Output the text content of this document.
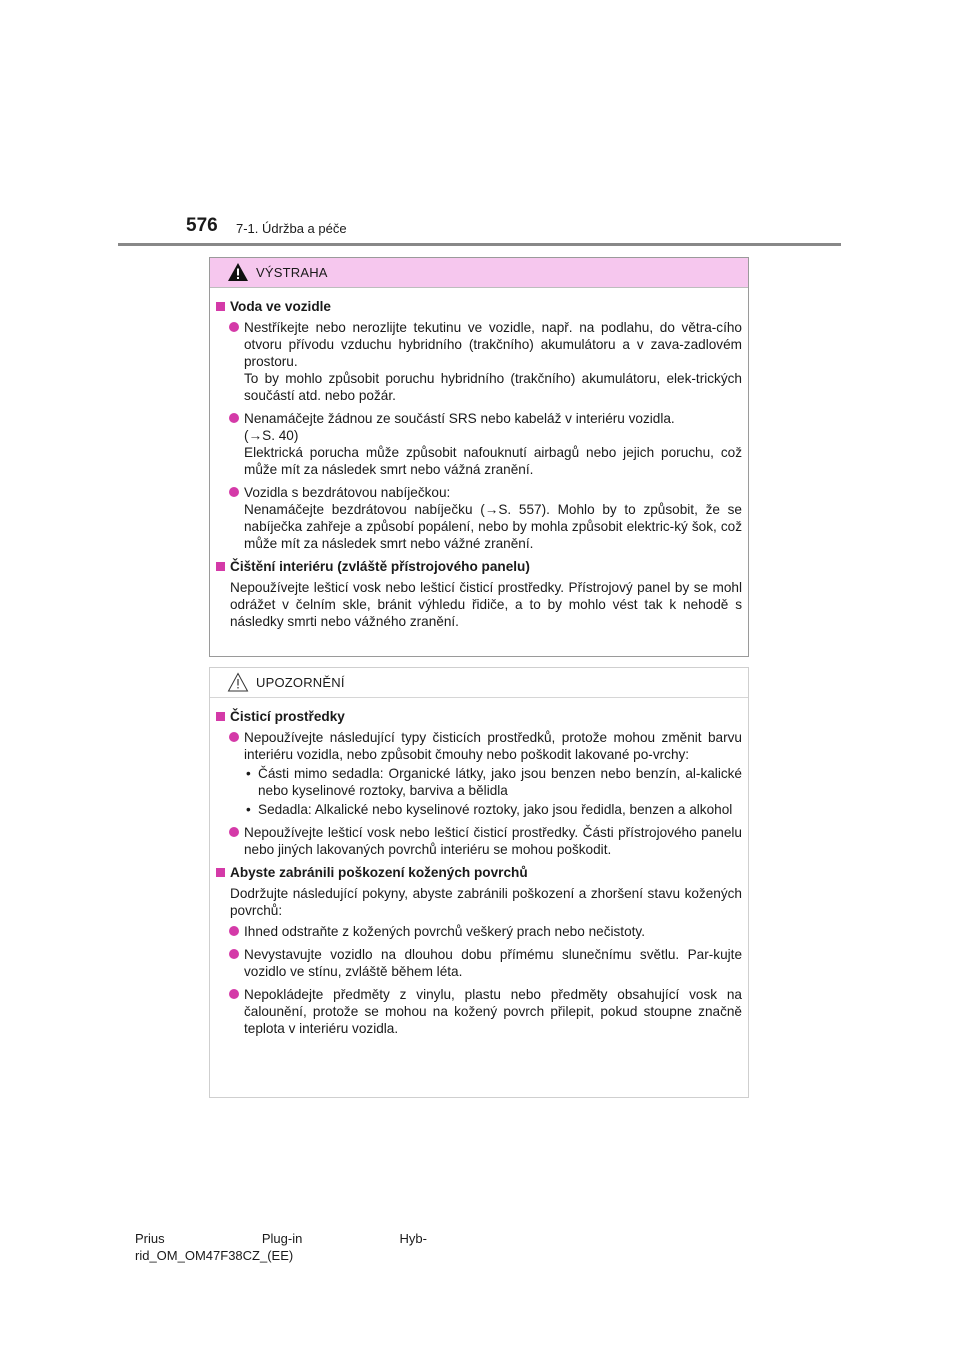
576 7-1. Údržba a péče
VÝSTRAHA

Voda ve vozidle

Nestříkejte nebo nerozlijte tekutinu ve vozidle, např. na podlahu, do větra-cího otvoru přívodu vzduchu hybridního (trakčního) akumulátoru a v zava-zadlovém prostoru.
To by mohlo způsobit poruchu hybridního (trakčního) akumulátoru, elek-trických součástí atd. nebo požár.
Nenamáčejte žádnou ze součástí SRS nebo kabeláž v interiéru vozidla.
(→S. 40)
Elektrická porucha může způsobit nafouknutí airbagů nebo jejich poruchu, což může mít za následek smrt nebo vážná zranění.
Vozidla s bezdrátovou nabíječkou:
Nenamáčejte bezdrátovou nabíječku (→S. 557). Mohlo by to způsobit, že se nabíječka zahřeje a způsobí popálení, nebo by mohla způsobit elektric-ký šok, což může mít za následek smrt nebo vážné zranění.

Čištění interiéru (zvláště přístrojového panelu)

Nepoužívejte lešticí vosk nebo lešticí čisticí prostředky. Přístrojový panel by se mohl odrážet v čelním skle, bránit výhledu řidiče, a to by mohlo vést tak k nehodě s následky smrti nebo vážného zranění.

UPOZORNĚNÍ

Čisticí prostředky

Nepoužívejte následující typy čisticích prostředků, protože mohou změnit barvu interiéru vozidla, nebo způsobit čmouhy nebo poškodit lakované po-vrchy:
• Části mimo sedadla: Organické látky, jako jsou benzen nebo benzín, al-kalické nebo kyselinové roztoky, barviva a bělidla
• Sedadla: Alkalické nebo kyselinové roztoky, jako jsou ředidla, benzen a alkohol
Nepoužívejte lešticí vosk nebo lešticí čisticí prostředky. Části přístrojového panelu nebo jiných lakovaných povrchů interiéru se mohou poškodit.

Abyste zabránili poškození kožených povrchů

Dodržujte následující pokyny, abyste zabránili poškození a zhoršení stavu kožených povrchů:

Ihned odstraňte z kožených povrchů veškerý prach nebo nečistoty.
Nevystavujte vozidlo na dlouhou dobu přímému slunečnímu světlu. Par-kujte vozidlo ve stínu, zvláště během léta.
Nepokládejte předměty z vinylu, plastu nebo předměty obsahující vosk na čalounění, protože se mohou na kožený povrch přilepit, pokud stoupne značně teplota v interiéru vozidla.
Prius	Plug-in	Hyb-
rid_OM_OM47F38CZ_(EE)
